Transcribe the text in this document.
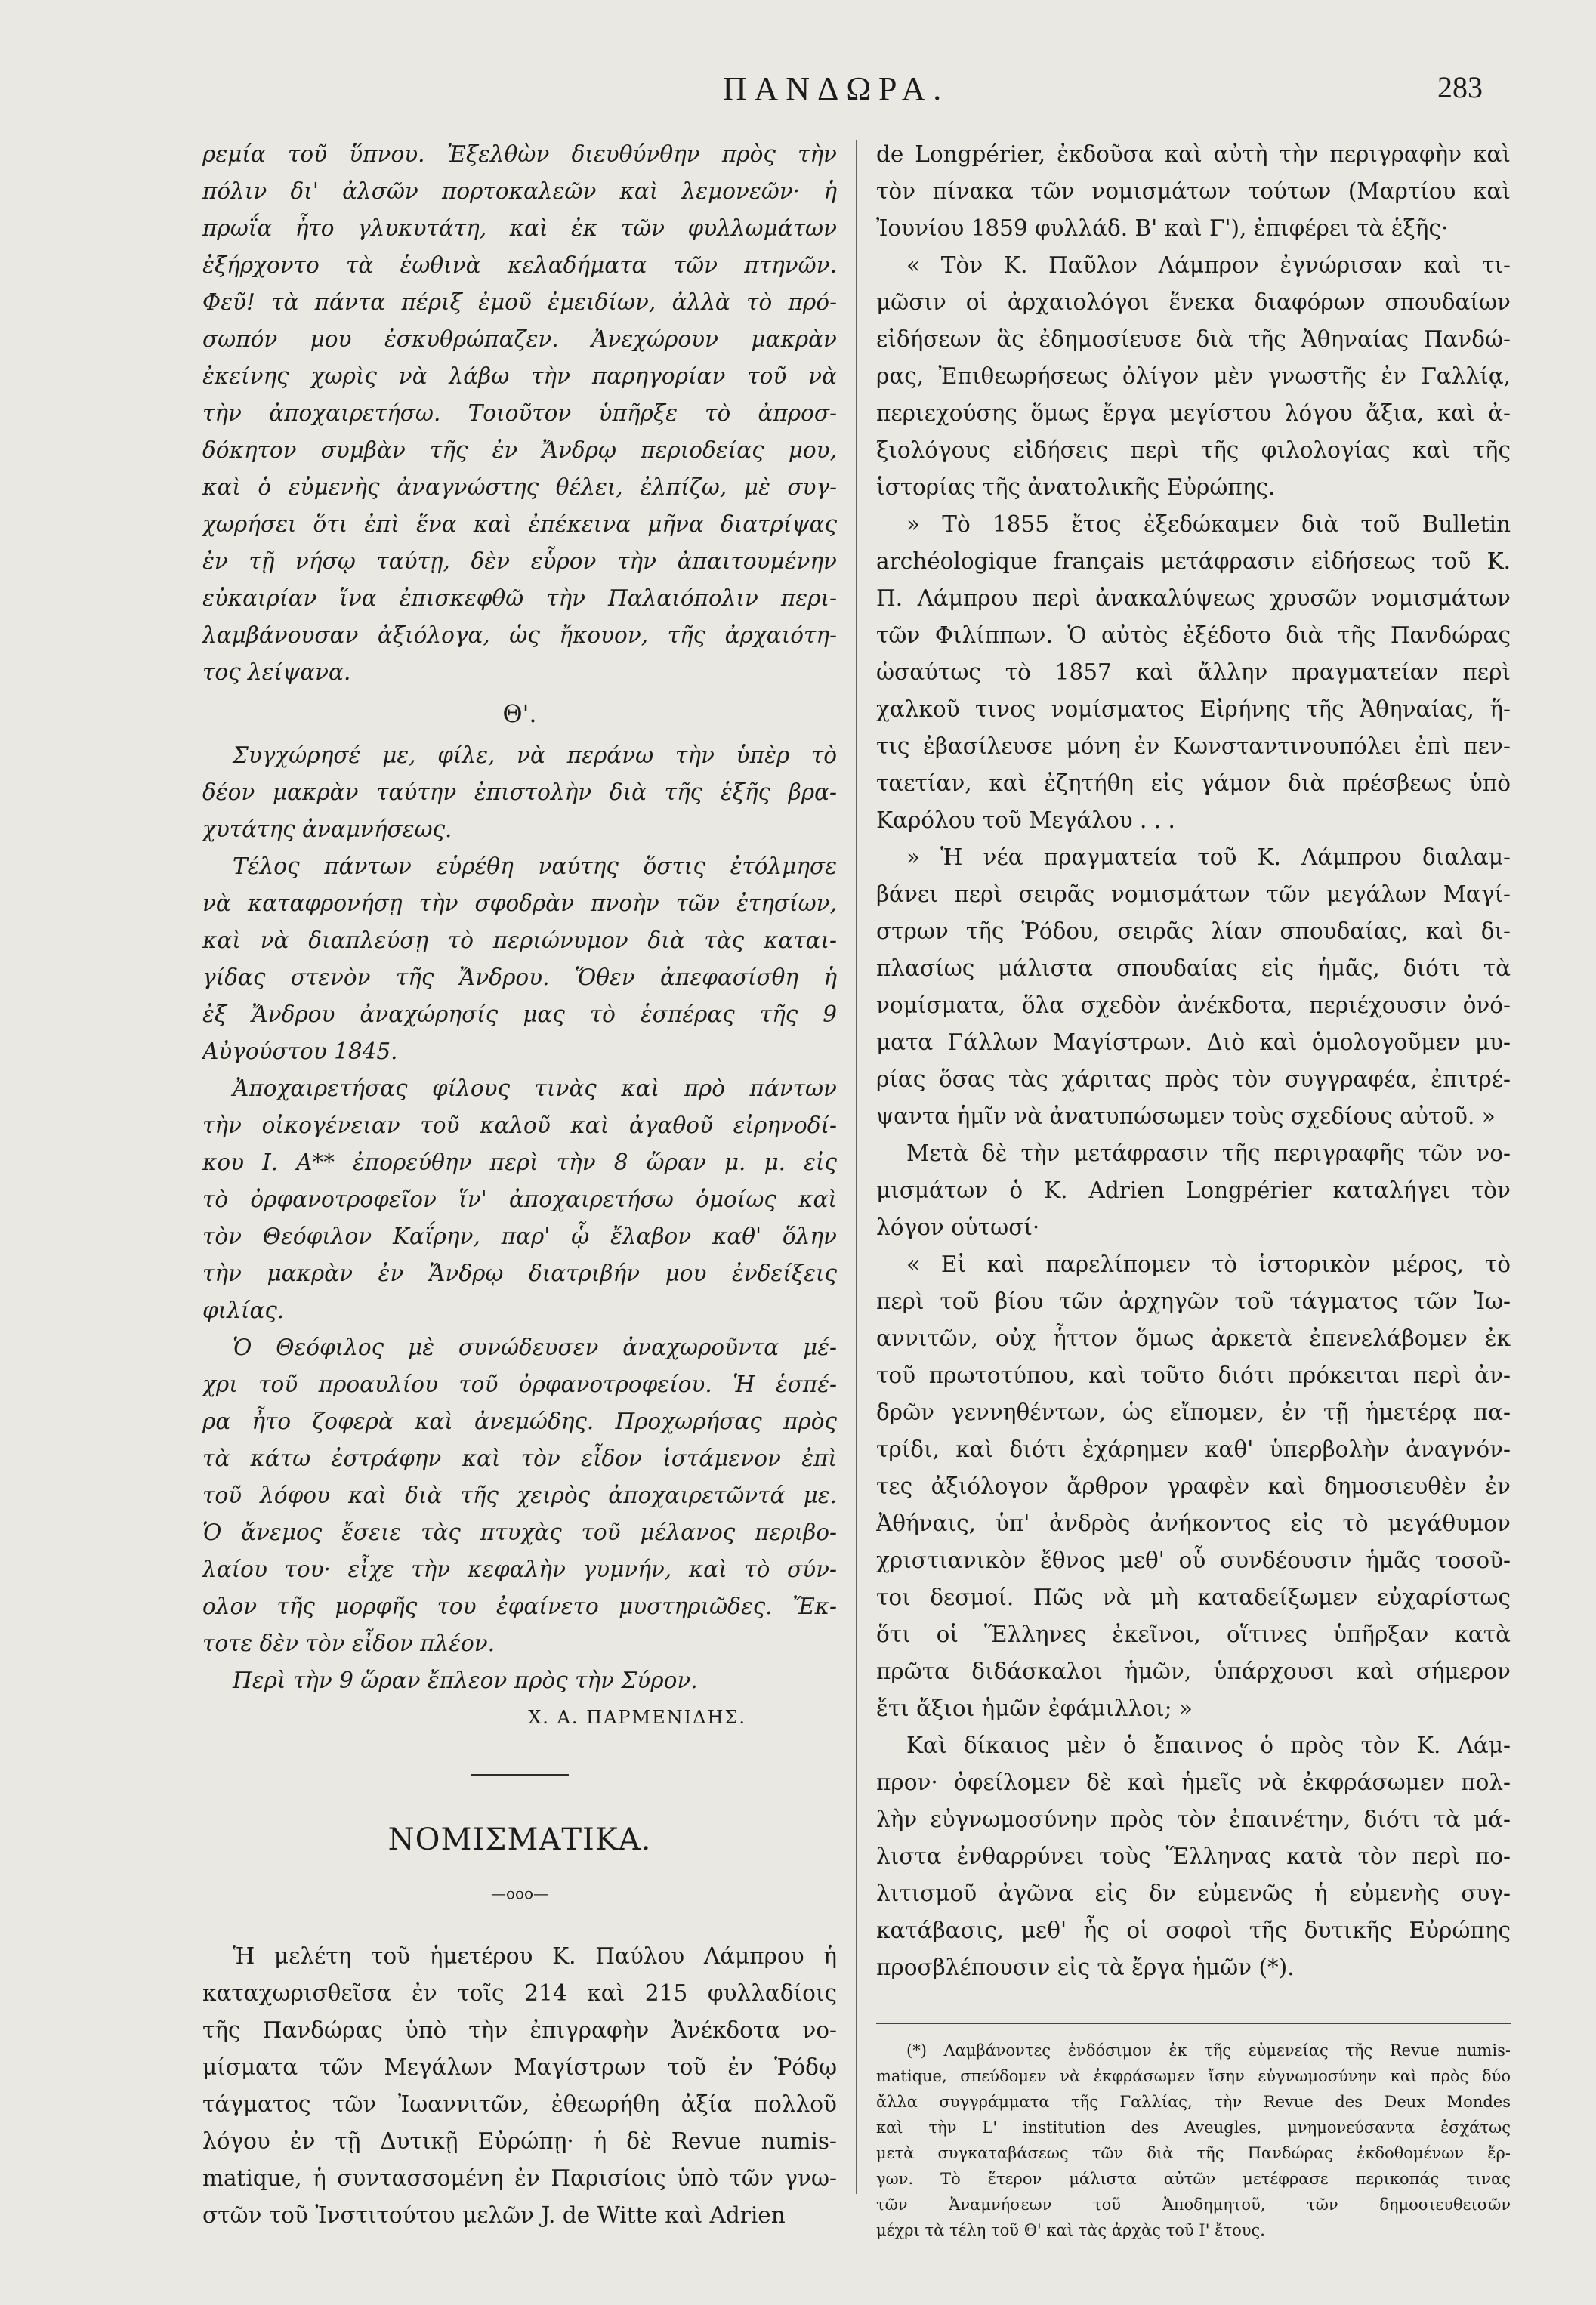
ΠΑΝΔΩΡΑ.	283

ρεμία τοῦ ὕπνου. Ἐξελθὼν διευθύνθην πρὸς τὴν
πόλιν δι' ἀλσῶν πορτοκαλεῶν καὶ λεμονεῶν· ἡ
πρωΐα ἦτο γλυκυτάτη, καὶ ἐκ τῶν φυλλωμάτων
ἐξήρχοντο τὰ ἑωθινὰ κελαδήματα τῶν πτηνῶν.
Φεῦ! τὰ πάντα πέριξ ἐμοῦ ἐμειδίων, ἀλλὰ τὸ πρό-
σωπόν μου ἐσκυθρώπαζεν. Ἀνεχώρουν μακρὰν
ἐκείνης χωρὶς νὰ λάβω τὴν παρηγορίαν τοῦ νὰ
τὴν ἀποχαιρετήσω. Τοιοῦτον ὑπῆρξε τὸ ἀπροσ-
δόκητον συμβὰν τῆς ἐν Ἄνδρῳ περιοδείας μου,
καὶ ὁ εὐμενὴς ἀναγνώστης θέλει, ἐλπίζω, μὲ συγ-
χωρήσει ὅτι ἐπὶ ἕνα καὶ ἐπέκεινα μῆνα διατρίψας
ἐν τῇ νήσῳ ταύτῃ, δὲν εὗρον τὴν ἀπαιτουμένην
εὐκαιρίαν ἵνα ἐπισκεφθῶ τὴν Παλαιόπολιν περι-
λαμβάνουσαν ἀξιόλογα, ὡς ἤκουον, τῆς ἀρχαιότη-
τος λείψανα.

Θ'.

Συγχώρησέ με, φίλε, νὰ περάνω τὴν ὑπὲρ τὸ
δέον μακρὰν ταύτην ἐπιστολὴν διὰ τῆς ἑξῆς βρα-
χυτάτης ἀναμνήσεως.

Τέλος πάντων εὑρέθη ναύτης ὅστις ἐτόλμησε
νὰ καταφρονήσῃ τὴν σφοδρὰν πνοὴν τῶν ἐτησίων,
καὶ νὰ διαπλεύσῃ τὸ περιώνυμον διὰ τὰς καται-
γίδας στενὸν τῆς Ἄνδρου. Ὅθεν ἀπεφασίσθη ἡ
ἐξ Ἄνδρου ἀναχώρησίς μας τὸ ἑσπέρας τῆς 9
Αὐγούστου 1845.

Ἀποχαιρετήσας φίλους τινὰς καὶ πρὸ πάντων
τὴν οἰκογένειαν τοῦ καλοῦ καὶ ἀγαθοῦ εἰρηνοδί-
κου Ι. Α** ἐπορεύθην περὶ τὴν 8 ὥραν μ. μ. εἰς
τὸ ὀρφανοτροφεῖον ἵν' ἀποχαιρετήσω ὁμοίως καὶ
τὸν Θεόφιλον Καΐρην, παρ' ᾧ ἔλαβον καθ' ὅλην
τὴν μακρὰν ἐν Ἄνδρῳ διατριβήν μου ἐνδείξεις
φιλίας.

Ὁ Θεόφιλος μὲ συνώδευσεν ἀναχωροῦντα μέ-
χρι τοῦ προαυλίου τοῦ ὀρφανοτροφείου. Ἡ ἑσπέ-
ρα ἦτο ζοφερὰ καὶ ἀνεμώδης. Προχωρήσας πρὸς
τὰ κάτω ἐστράφην καὶ τὸν εἶδον ἱστάμενον ἐπὶ
τοῦ λόφου καὶ διὰ τῆς χειρὸς ἀποχαιρετῶντά με.
Ὁ ἄνεμος ἔσειε τὰς πτυχὰς τοῦ μέλανος περιβο-
λαίου του· εἶχε τὴν κεφαλὴν γυμνήν, καὶ τὸ σύν-
ολον τῆς μορφῆς του ἐφαίνετο μυστηριῶδες. Ἔκ-
τοτε δὲν τὸν εἶδον πλέον.

Περὶ τὴν 9 ὥραν ἔπλεον πρὸς τὴν Σύρον.

Χ. Α. ΠΑΡΜΕΝΙΔΗΣ.
ΝΟΜΙΣΜΑΤΙΚΑ.
—ooo—

Ἡ μελέτη τοῦ ἡμετέρου Κ. Παύλου Λάμπρου ἡ
καταχωρισθεῖσα ἐν τοῖς 214 καὶ 215 φυλλαδίοις
τῆς Πανδώρας ὑπὸ τὴν ἐπιγραφὴν Ἀνέκδοτα νο-
μίσματα τῶν Μεγάλων Μαγίστρων τοῦ ἐν Ῥόδῳ
τάγματος τῶν Ἰωαννιτῶν, ἐθεωρήθη ἀξία πολλοῦ
λόγου ἐν τῇ Δυτικῇ Εὐρώπῃ· ἡ δὲ Revue numis-
matique, ἡ συντασσομένη ἐν Παρισίοις ὑπὸ τῶν γνω-
στῶν τοῦ Ἰνστιτούτου μελῶν J. de Witte καὶ Adrien

de Longpérier, ἐκδοῦσα καὶ αὐτὴ τὴν περιγραφὴν καὶ
τὸν πίνακα τῶν νομισμάτων τούτων (Μαρτίου καὶ
Ἰουνίου 1859 φυλλάδ. Β' καὶ Γ'), ἐπιφέρει τὰ ἑξῆς·

« Τὸν Κ. Παῦλον Λάμπρον ἐγνώρισαν καὶ τι-
μῶσιν οἱ ἀρχαιολόγοι ἕνεκα διαφόρων σπουδαίων
εἰδήσεων ἃς ἐδημοσίευσε διὰ τῆς Ἀθηναίας Πανδώ-
ρας, Ἐπιθεωρήσεως ὀλίγον μὲν γνωστῆς ἐν Γαλλίᾳ,
περιεχούσης ὅμως ἔργα μεγίστου λόγου ἄξια, καὶ ἀ-
ξιολόγους εἰδήσεις περὶ τῆς φιλολογίας καὶ τῆς
ἱστορίας τῆς ἀνατολικῆς Εὐρώπης.

» Τὸ 1855 ἔτος ἐξεδώκαμεν διὰ τοῦ Bulletin
archéologique français μετάφρασιν εἰδήσεως τοῦ Κ.
Π. Λάμπρου περὶ ἀνακαλύψεως χρυσῶν νομισμάτων
τῶν Φιλίππων. Ὁ αὐτὸς ἐξέδοτο διὰ τῆς Πανδώρας
ὡσαύτως τὸ 1857 καὶ ἄλλην πραγματείαν περὶ
χαλκοῦ τινος νομίσματος Εἰρήνης τῆς Ἀθηναίας, ἥ-
τις ἐβασίλευσε μόνη ἐν Κωνσταντινουπόλει ἐπὶ πεν-
ταετίαν, καὶ ἐζητήθη εἰς γάμον διὰ πρέσβεως ὑπὸ
Καρόλου τοῦ Μεγάλου . . .

» Ἡ νέα πραγματεία τοῦ Κ. Λάμπρου διαλαμ-
βάνει περὶ σειρᾶς νομισμάτων τῶν μεγάλων Μαγί-
στρων τῆς Ῥόδου, σειρᾶς λίαν σπουδαίας, καὶ δι-
πλασίως μάλιστα σπουδαίας εἰς ἡμᾶς, διότι τὰ
νομίσματα, ὅλα σχεδὸν ἀνέκδοτα, περιέχουσιν ὀνό-
ματα Γάλλων Μαγίστρων. Διὸ καὶ ὁμολογοῦμεν μυ-
ρίας ὅσας τὰς χάριτας πρὸς τὸν συγγραφέα, ἐπιτρέ-
ψαντα ἡμῖν νὰ ἀνατυπώσωμεν τοὺς σχεδίους αὐτοῦ. »

Μετὰ δὲ τὴν μετάφρασιν τῆς περιγραφῆς τῶν νο-
μισμάτων ὁ Κ. Adrien Longpérier καταλήγει τὸν
λόγον οὑτωσί·

« Εἰ καὶ παρελίπομεν τὸ ἱστορικὸν μέρος, τὸ
περὶ τοῦ βίου τῶν ἀρχηγῶν τοῦ τάγματος τῶν Ἰω-
αννιτῶν, οὐχ ἧττον ὅμως ἀρκετὰ ἐπενελάβομεν ἐκ
τοῦ πρωτοτύπου, καὶ τοῦτο διότι πρόκειται περὶ ἀν-
δρῶν γεννηθέντων, ὡς εἴπομεν, ἐν τῇ ἡμετέρᾳ πα-
τρίδι, καὶ διότι ἐχάρημεν καθ' ὑπερβολὴν ἀναγνόν-
τες ἀξιόλογον ἄρθρον γραφὲν καὶ δημοσιευθὲν ἐν
Ἀθήναις, ὑπ' ἀνδρὸς ἀνήκοντος εἰς τὸ μεγάθυμον
χριστιανικὸν ἔθνος μεθ' οὗ συνδέουσιν ἡμᾶς τοσοῦ-
τοι δεσμοί. Πῶς νὰ μὴ καταδείξωμεν εὐχαρίστως
ὅτι οἱ Ἕλληνες ἐκεῖνοι, οἵτινες ὑπῆρξαν κατὰ
πρῶτα διδάσκαλοι ἡμῶν, ὑπάρχουσι καὶ σήμερον
ἔτι ἄξιοι ἡμῶν ἐφάμιλλοι; »

Καὶ δίκαιος μὲν ὁ ἔπαινος ὁ πρὸς τὸν Κ. Λάμ-
προν· ὀφείλομεν δὲ καὶ ἡμεῖς νὰ ἐκφράσωμεν πολ-
λὴν εὐγνωμοσύνην πρὸς τὸν ἐπαινέτην, διότι τὰ μά-
λιστα ἐνθαρρύνει τοὺς Ἕλληνας κατὰ τὸν περὶ πο-
λιτισμοῦ ἀγῶνα εἰς δν εὐμενῶς ἡ εὐμενὴς συγ-
κατάβασις, μεθ' ἧς οἱ σοφοὶ τῆς δυτικῆς Εὐρώπης
προσβλέπουσιν εἰς τὰ ἔργα ἡμῶν (*).

(*) Λαμβάνοντες ἐνδόσιμον ἐκ τῆς εὐμενείας τῆς Revue numis-
matique, σπεύδομεν νὰ ἐκφράσωμεν ἴσην εὐγνωμοσύνην καὶ πρὸς δύο
ἄλλα συγγράμματα τῆς Γαλλίας, τὴν Revue des Deux Mondes
καὶ τὴν L' institution des Aveugles, μνημονεύσαντα ἐσχάτως
μετὰ συγκαταβάσεως τῶν διὰ τῆς Πανδώρας ἐκδοθομένων ἔρ-
γων. Τὸ ἕτερον μάλιστα αὐτῶν μετέφρασε περικοπάς τινας
τῶν Ἀναμνήσεων τοῦ Ἀποδημητοῦ, τῶν δημοσιευθεισῶν
μέχρι τὰ τέλη τοῦ Θ' καὶ τὰς ἀρχὰς τοῦ Ι' ἔτους.
